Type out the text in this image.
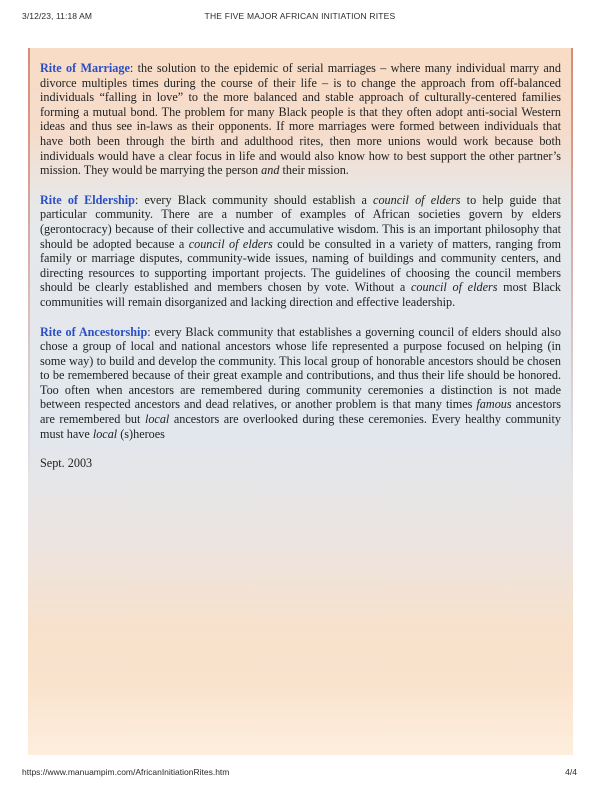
3/12/23, 11:18 AM	THE FIVE MAJOR AFRICAN INITIATION RITES

Rite of Marriage: the solution to the epidemic of serial marriages – where many individual marry and divorce multiples times during the course of their life – is to change the approach from off-balanced individuals “falling in love” to the more balanced and stable approach of culturally-centered families forming a mutual bond. The problem for many Black people is that they often adopt anti-social Western ideas and thus see in-laws as their opponents. If more marriages were formed between individuals that have both been through the birth and adulthood rites, then more unions would work because both individuals would have a clear focus in life and would also know how to best support the other partner’s mission. They would be marrying the person and their mission.

Rite of Eldership: every Black community should establish a council of elders to help guide that particular community. There are a number of examples of African societies govern by elders (gerontocracy) because of their collective and accumulative wisdom. This is an important philosophy that should be adopted because a council of elders could be consulted in a variety of matters, ranging from family or marriage disputes, community-wide issues, naming of buildings and community centers, and directing resources to supporting important projects. The guidelines of choosing the council members should be clearly established and members chosen by vote. Without a council of elders most Black communities will remain disorganized and lacking direction and effective leadership.

Rite of Ancestorship: every Black community that establishes a governing council of elders should also chose a group of local and national ancestors whose life represented a purpose focused on helping (in some way) to build and develop the community. This local group of honorable ancestors should be chosen to be remembered because of their great example and contributions, and thus their life should be honored. Too often when ancestors are remembered during community ceremonies a distinction is not made between respected ancestors and dead relatives, or another problem is that many times famous ancestors are remembered but local ancestors are overlooked during these ceremonies. Every healthy community must have local (s)heroes

Sept. 2003

https://www.manuampim.com/AfricanInitiationRites.htm	4/4
